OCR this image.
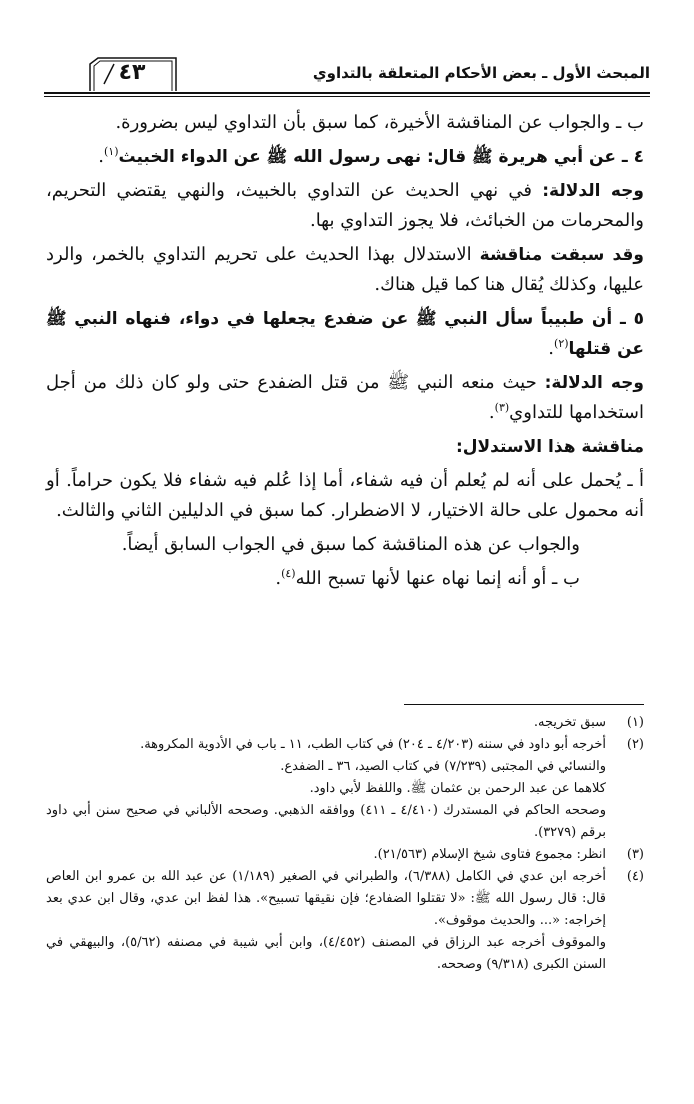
المبحث الأول ـ بعض الأحكام المتعلقة بالتداوي
٤٣

ب ـ والجواب عن المناقشة الأخيرة، كما سبق بأن التداوي ليس بضرورة.

٤ ـ عن أبي هريرة ﷺ قال: نهى رسول الله ﷺ عن الدواء الخبيث$^{(١)}$.

وجه الدلالة: في نهي الحديث عن التداوي بالخبيث، والنهي يقتضي التحريم، والمحرمات من الخبائث، فلا يجوز التداوي بها.

وقد سبقت مناقشة الاستدلال بهذا الحديث على تحريم التداوي بالخمر، والرد عليها، وكذلك يُقال هنا كما قيل هناك.

٥ ـ أن طبيباً سأل النبي ﷺ عن ضفدع يجعلها في دواء، فنهاه النبي ﷺ عن قتلها$^{(٢)}$.

وجه الدلالة: حيث منعه النبي ﷺ من قتل الضفدع حتى ولو كان ذلك من أجل استخدامها للتداوي$^{(٣)}$.

مناقشة هذا الاستدلال:

أ ـ يُحمل على أنه لم يُعلم أن فيه شفاء، أما إذا عُلم فيه شفاء فلا يكون حراماً. أو أنه محمول على حالة الاختيار، لا الاضطرار. كما سبق في الدليلين الثاني والثالث.

والجواب عن هذه المناقشة كما سبق في الجواب السابق أيضاً.

ب ـ أو أنه إنما نهاه عنها لأنها تسبح الله$^{(٤)}$.

(١)

سبق تخريجه.

(٢)

أخرجه أبو داود في سننه (٤/٢٠٣ ـ ٢٠٤) في كتاب الطب، ١١ ـ باب في الأدوية المكروهة.

والنسائي في المجتبى (٧/٢٣٩) في كتاب الصيد، ٣٦ ـ الضفدع.

كلاهما عن عبد الرحمن بن عثمان ﷺ. واللفظ لأبي داود.

وصححه الحاكم في المستدرك (٤/٤١٠ ـ ٤١١) ووافقه الذهبي. وصححه الألباني في صحيح سنن أبي داود برقم (٣٢٧٩).

(٣)

انظر: مجموع فتاوى شيخ الإسلام (٢١/٥٦٣).

(٤)

أخرجه ابن عدي في الكامل (٦/٣٨٨)، والطبراني في الصغير (١/١٨٩) عن عبد الله بن عمرو ابن العاص قال: قال رسول الله ﷺ: «لا تقتلوا الضفادع؛ فإن نقيقها تسبيح». هذا لفظ ابن عدي، وقال ابن عدي بعد إخراجه: «... والحديث موقوف».

والموقوف أخرجه عبد الرزاق في المصنف (٤/٤٥٢)، وابن أبي شيبة في مصنفه (٥/٦٢)، والبيهقي في السنن الكبرى (٩/٣١٨) وصححه.
